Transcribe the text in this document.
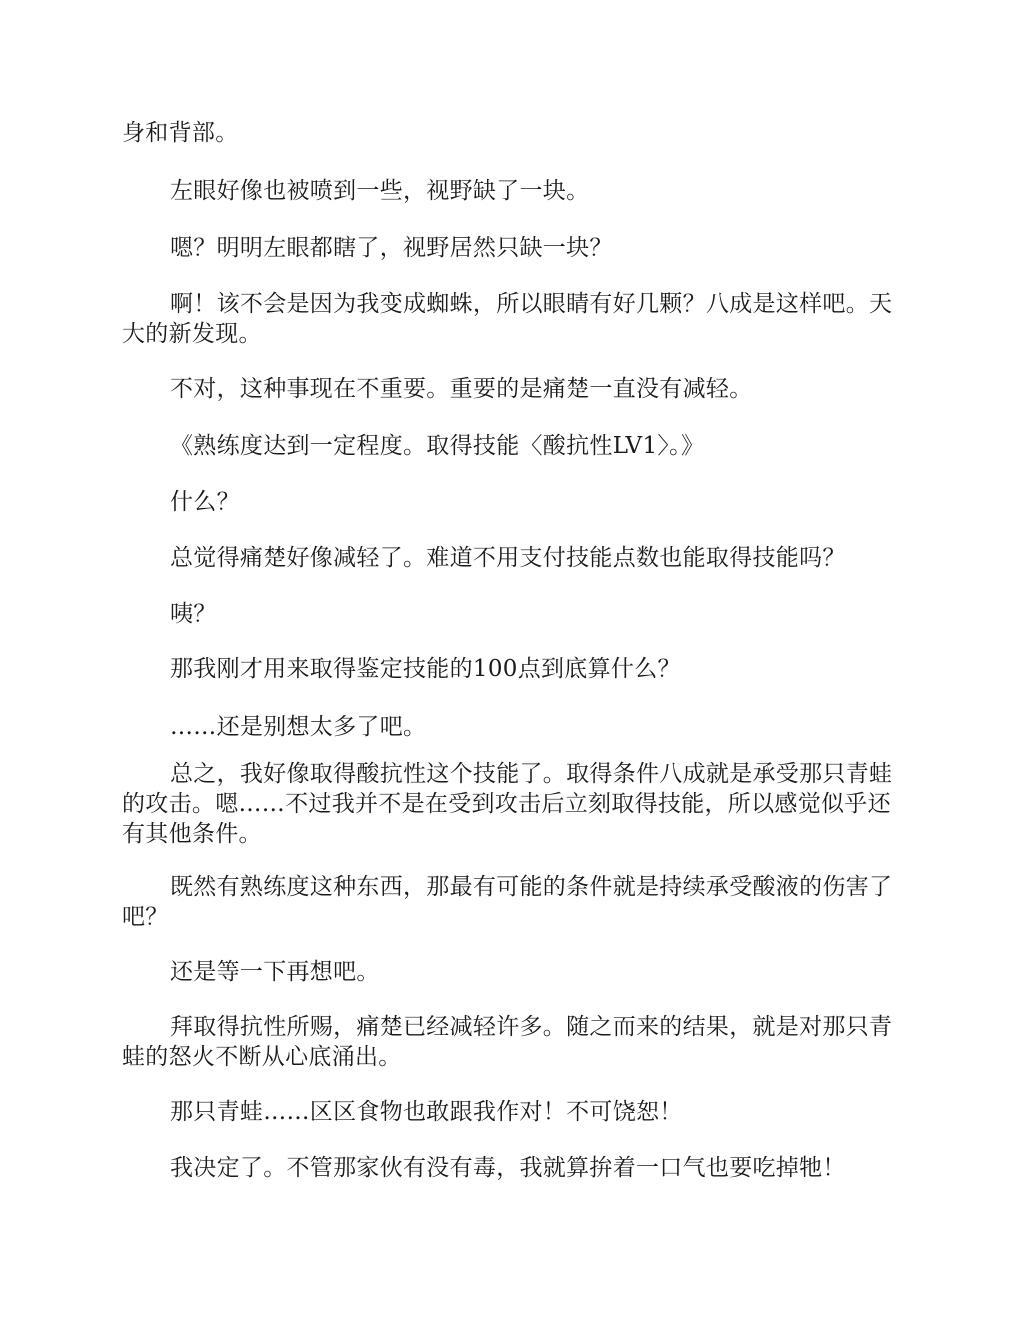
身和背部。

左眼好像也被喷到一些，视野缺了一块。

嗯？明明左眼都瞎了，视野居然只缺一块？

啊！该不会是因为我变成蜘蛛，所以眼睛有好几颗？八成是这样吧。天大的新发现。

不对，这种事现在不重要。重要的是痛楚一直没有减轻。

《熟练度达到一定程度。取得技能〈酸抗性LV1〉。》

什么？

总觉得痛楚好像减轻了。难道不用支付技能点数也能取得技能吗？

咦？

那我刚才用来取得鉴定技能的100点到底算什么？

……还是别想太多了吧。

总之，我好像取得酸抗性这个技能了。取得条件八成就是承受那只青蛙的攻击。嗯……不过我并不是在受到攻击后立刻取得技能，所以感觉似乎还有其他条件。

既然有熟练度这种东西，那最有可能的条件就是持续承受酸液的伤害了吧？

还是等一下再想吧。

拜取得抗性所赐，痛楚已经减轻许多。随之而来的结果，就是对那只青蛙的怒火不断从心底涌出。

那只青蛙……区区食物也敢跟我作对！不可饶恕！

我决定了。不管那家伙有没有毒，我就算拚着一口气也要吃掉牠！
